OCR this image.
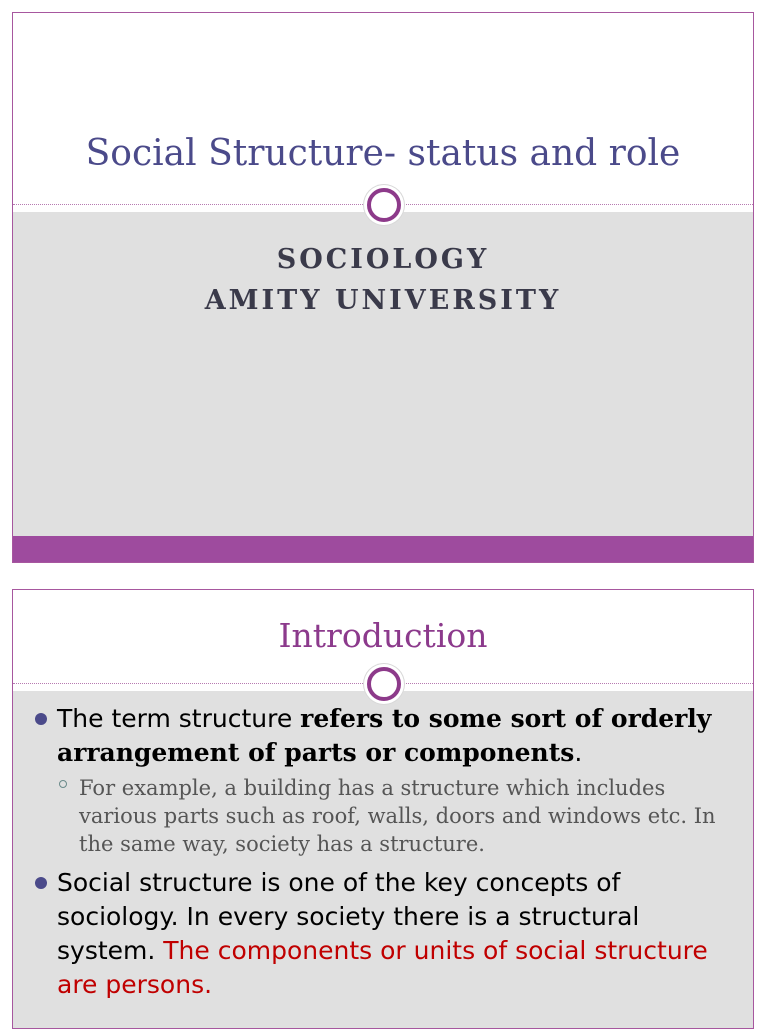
Social Structure- status and role
SOCIOLOGY
AMITY UNIVERSITY
Introduction
The term structure refers to some sort of orderly arrangement of parts or components.
For example, a building has a structure which includes various parts such as roof, walls, doors and windows etc. In the same way, society has a structure.
Social structure is one of the key concepts of sociology. In every society there is a structural system. The components or units of social structure are persons.
